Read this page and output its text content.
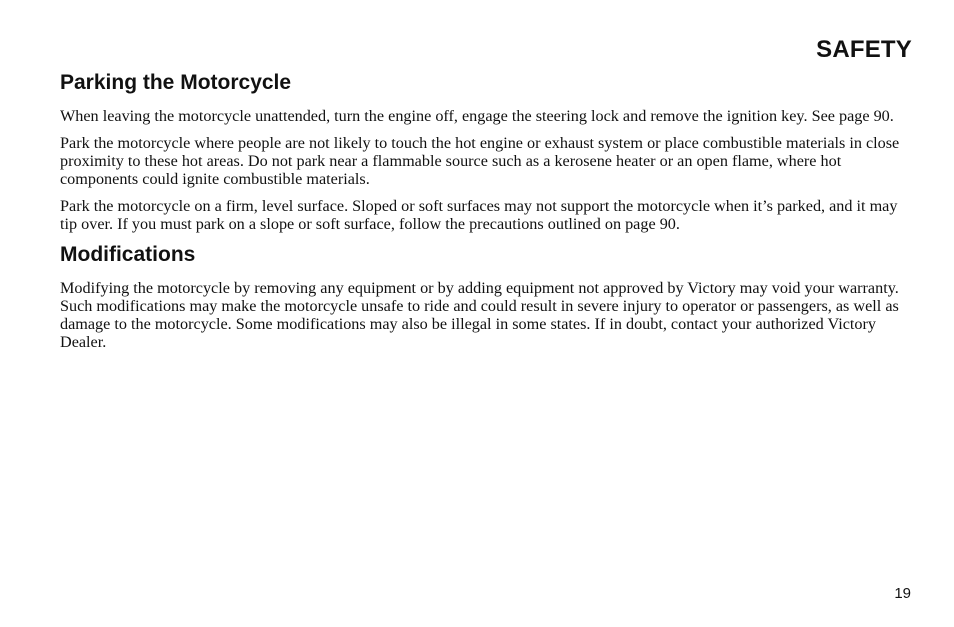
SAFETY
Parking the Motorcycle

When leaving the motorcycle unattended, turn the engine off, engage the steering lock and remove the ignition key. See page 90.

Park the motorcycle where people are not likely to touch the hot engine or exhaust system or place combustible materials in close proximity to these hot areas. Do not park near a flammable source such as a kerosene heater or an open flame, where hot components could ignite combustible materials.

Park the motorcycle on a firm, level surface. Sloped or soft surfaces may not support the motorcycle when it’s parked, and it may tip over. If you must park on a slope or soft surface, follow the precautions outlined on page 90.

Modifications

Modifying the motorcycle by removing any equipment or by adding equipment not approved by Victory may void your warranty. Such modifications may make the motorcycle unsafe to ride and could result in severe injury to operator or passengers, as well as damage to the motorcycle. Some modifications may also be illegal in some states. If in doubt, contact your authorized Victory Dealer.

19
